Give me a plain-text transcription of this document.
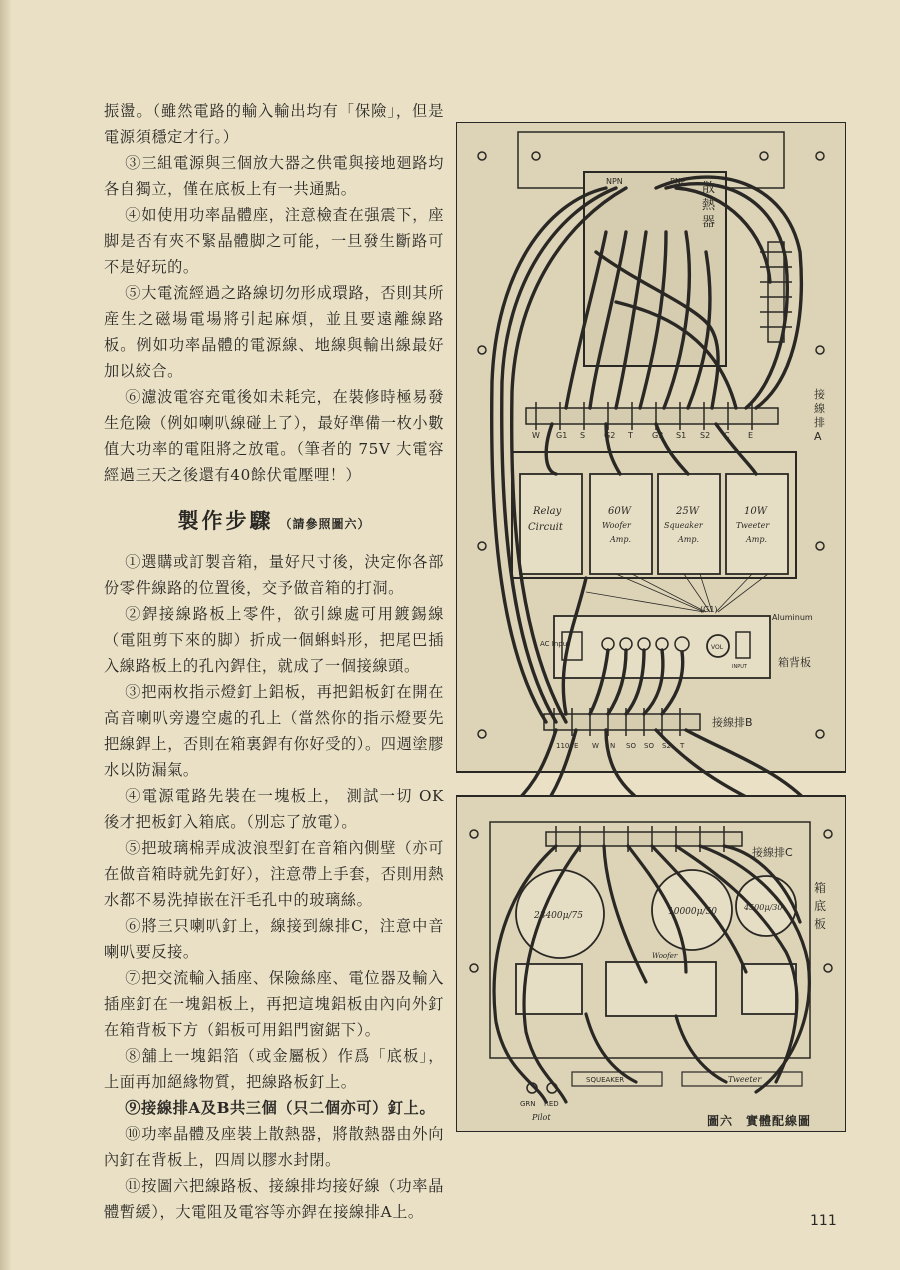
振盪。（雖然電路的輸入輸出均有「保險」，但是電源須穩定才行。）

③三組電源與三個放大器之供電與接地廻路均各自獨立，僅在底板上有一共通點。

④如使用功率晶體座，注意檢査在强震下，座脚是否有夾不緊晶體脚之可能，一旦發生斷路可不是好玩的。

⑤大電流經過之路線切勿形成環路，否則其所産生之磁場電場將引起麻煩，並且要遠離線路板。例如功率晶體的電源線、地線與輸出線最好加以絞合。

⑥濾波電容充電後如未耗完，在裝修時極易發生危險（例如喇叭線碰上了），最好準備一枚小數值大功率的電阻將之放電。（筆者的 75V 大電容經過三天之後還有40餘伏電壓哩！）

製作步驟 （請參照圖六）

①選購或訂製音箱，量好尺寸後，決定你各部份零件線路的位置後，交予做音箱的打洞。

②銲接線路板上零件，欲引線處可用鍍錫線（電阻剪下來的脚）折成一個蝌蚪形，把尾巴插入線路板上的孔內銲住，就成了一個接線頭。

③把兩枚指示燈釘上鋁板，再把鋁板釘在開在高音喇叭旁邊空處的孔上（當然你的指示燈要先把線銲上，否則在箱裏銲有你好受的）。四週塗膠水以防漏氣。

④電源電路先裝在一塊板上， 測試一切 OK 後才把板釘入箱底。（別忘了放電）。

⑤把玻璃棉弄成波浪型釘在音箱內側壁（亦可在做音箱時就先釘好），注意帶上手套，否則用熱水都不易洗掉嵌在汗毛孔中的玻璃絲。

⑥將三只喇叭釘上，線接到線排C，注意中音喇叭要反接。

⑦把交流輸入插座、保險絲座、電位器及輸入插座釘在一塊鋁板上，再把這塊鋁板由內向外釘在箱背板下方（鋁板可用鋁門窗鋸下）。

⑧舖上一塊鋁箔（或金屬板）作爲「底板」，上面再加絕緣物質，把線路板釘上。

⑨接線排A及B共三個（只二個亦可）釘上。

⑩功率晶體及座裝上散熱器，將散熱器由外向內釘在背板上，四周以膠水封閉。

⑪按圖六把線路板、接線排均接好線（功率晶體暫緩），大電阻及電容等亦銲在接線排A上。

散
熱
器
NPN	PNP
W G1 S G2 T G3 S1 S2 C E
接
線
排
A
Relay
Circuit
60W
Woofer
Amp.
25W
Squeaker
Amp.
10W
Tweeter
Amp.
(G1)
Aluminum
AC Input	VOL
INPUT	箱背板
110 E W N SO SO S2 T
接線排B
接線排C
箱
底
板
23400μ/75	10000μ/50	4500μ/30
Woofer
SQUEAKER	Tweeter
GRN RED
Pilot	圖六　實體配線圖
111
